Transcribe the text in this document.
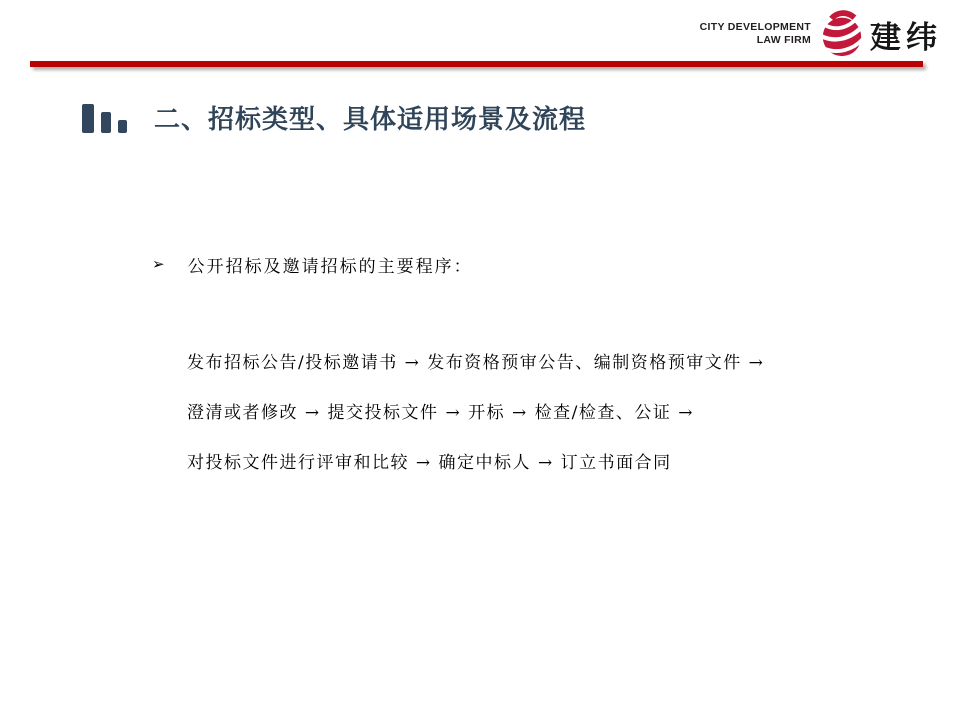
CITY DEVELOPMENT
LAW FIRM 建纬
二、招标类型、具体适用场景及流程
➢ 公开招标及邀请招标的主要程序：
发布招标公告/投标邀请书 → 发布资格预审公告、编制资格预审文件 →
澄清或者修改 → 提交投标文件 → 开标 → 检查/检查、公证 →
对投标文件进行评审和比较 → 确定中标人 → 订立书面合同
